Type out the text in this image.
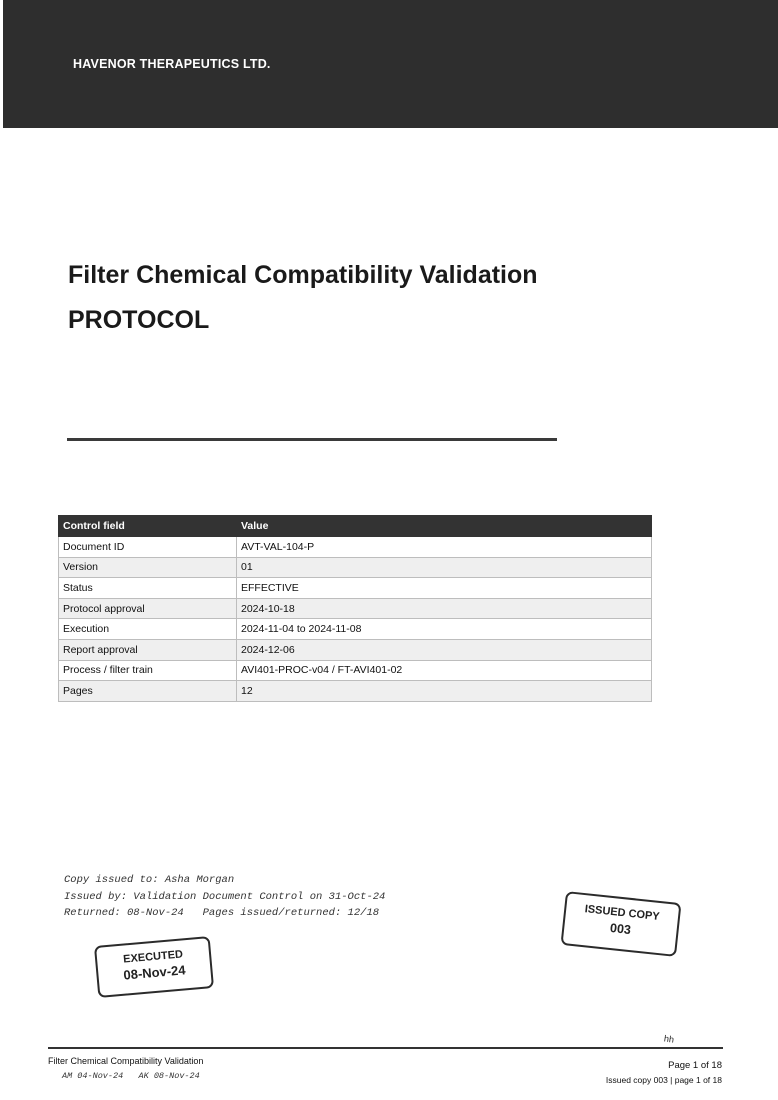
HAVENOR THERAPEUTICS LTD.
Filter Chemical Compatibility Validation
PROTOCOL
Control field	Value
Document ID	AVT-VAL-104-P
Version	01
Status	EFFECTIVE
Protocol approval	2024-10-18
Execution	2024-11-04 to 2024-11-08
Report approval	2024-12-06
Process / filter train	AVI401-PROC-v04 / FT-AVI401-02
Pages	12
Copy issued to: Asha Morgan
Issued by: Validation Document Control on 31-Oct-24
Returned: 08-Nov-24   Pages issued/returned: 12/18
EXECUTED
08-Nov-24
ISSUED COPY
003
hh
Filter Chemical Compatibility Validation
AM 04-Nov-24   AK 08-Nov-24
Page 1 of 18
Issued copy 003 | page 1 of 18
